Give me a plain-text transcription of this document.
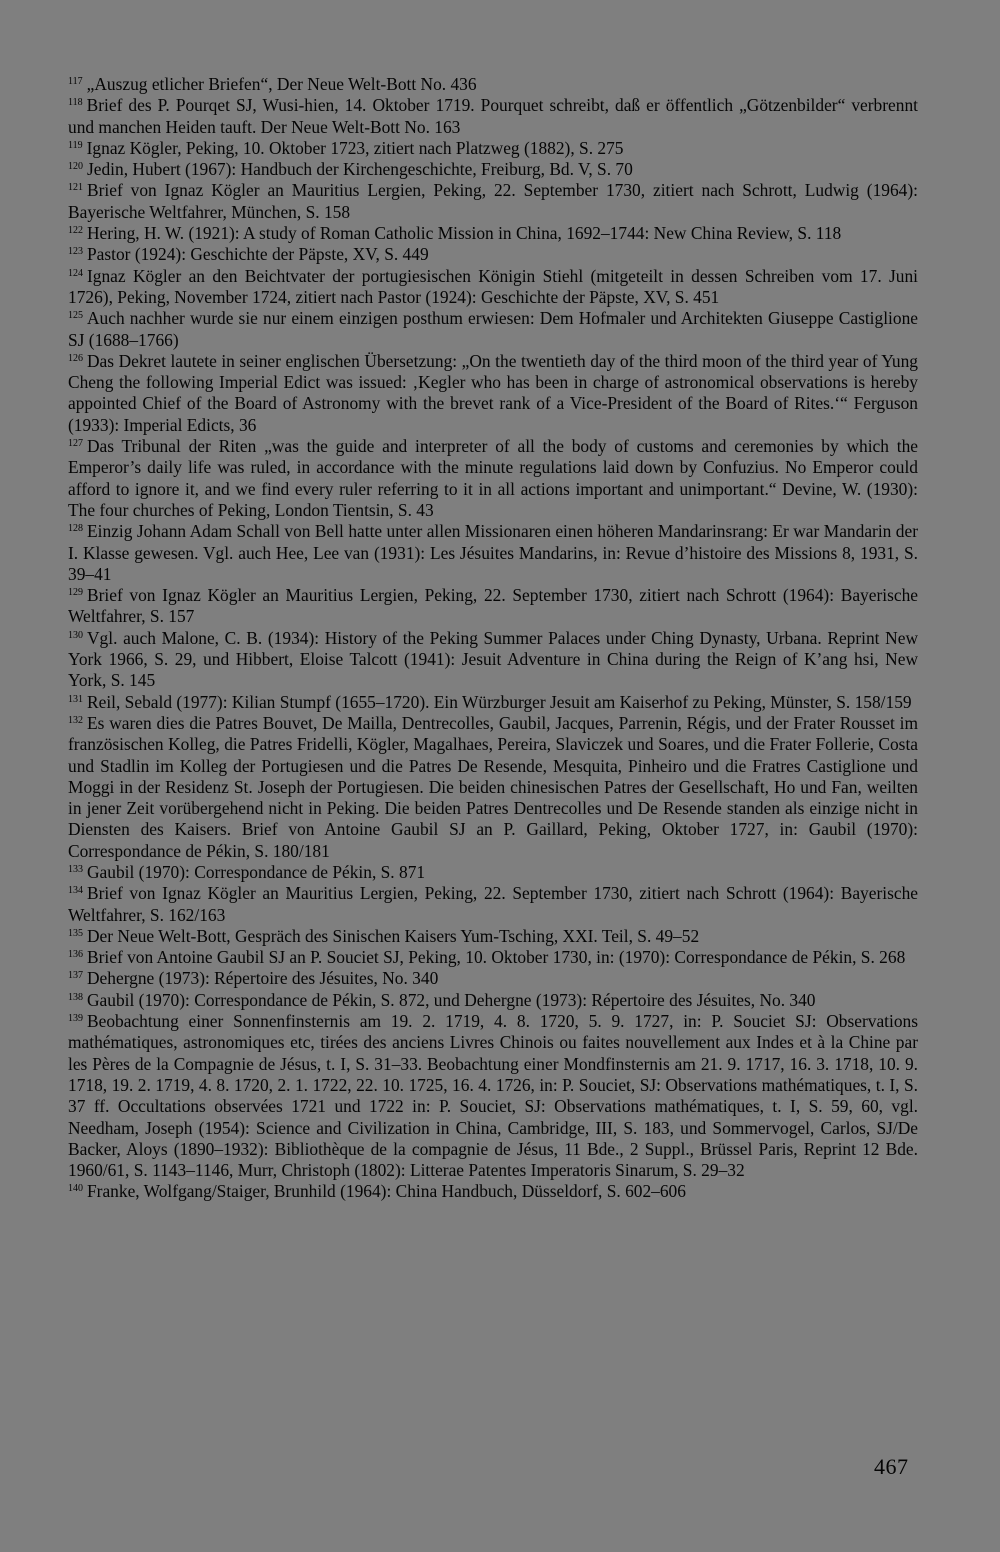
$^{117}$ „Auszug etlicher Briefen“, Der Neue Welt-Bott No. 436

$^{118}$ Brief des P. Pourqet SJ, Wusi-hien, 14. Oktober 1719. Pourquet schreibt, daß er öffentlich „Götzenbilder“ verbrennt und manchen Heiden tauft. Der Neue Welt-Bott No. 163

$^{119}$ Ignaz Kögler, Peking, 10. Oktober 1723, zitiert nach Platzweg (1882), S. 275

$^{120}$ Jedin, Hubert (1967): Handbuch der Kirchengeschichte, Freiburg, Bd. V, S. 70

$^{121}$ Brief von Ignaz Kögler an Mauritius Lergien, Peking, 22. September 1730, zitiert nach Schrott, Ludwig (1964): Bayerische Weltfahrer, München, S. 158

$^{122}$ Hering, H. W. (1921): A study of Roman Catholic Mission in China, 1692–1744: New China Review, S. 118

$^{123}$ Pastor (1924): Geschichte der Päpste, XV, S. 449

$^{124}$ Ignaz Kögler an den Beichtvater der portugiesischen Königin Stiehl (mitgeteilt in dessen Schreiben vom 17. Juni 1726), Peking, November 1724, zitiert nach Pastor (1924): Geschichte der Päpste, XV, S. 451

$^{125}$ Auch nachher wurde sie nur einem einzigen posthum erwiesen: Dem Hofmaler und Architekten Giuseppe Castiglione SJ (1688–1766)

$^{126}$ Das Dekret lautete in seiner englischen Übersetzung: „On the twentieth day of the third moon of the third year of Yung Cheng the following Imperial Edict was issued: ‚Kegler who has been in charge of astronomical observations is hereby appointed Chief of the Board of Astronomy with the brevet rank of a Vice-President of the Board of Rites.‘“ Ferguson (1933): Imperial Edicts, 36

$^{127}$ Das Tribunal der Riten „was the guide and interpreter of all the body of customs and ceremonies by which the Emperor’s daily life was ruled, in accordance with the minute regulations laid down by Confuzius. No Emperor could afford to ignore it, and we find every ruler referring to it in all actions important and unimportant.“ Devine, W. (1930): The four churches of Peking, London Tientsin, S. 43

$^{128}$ Einzig Johann Adam Schall von Bell hatte unter allen Missionaren einen höheren Mandarinsrang: Er war Mandarin der I. Klasse gewesen. Vgl. auch Hee, Lee van (1931): Les Jésuites Mandarins, in: Revue d’histoire des Missions 8, 1931, S. 39–41

$^{129}$ Brief von Ignaz Kögler an Mauritius Lergien, Peking, 22. September 1730, zitiert nach Schrott (1964): Bayerische Weltfahrer, S. 157

$^{130}$ Vgl. auch Malone, C. B. (1934): History of the Peking Summer Palaces under Ching Dynasty, Urbana. Reprint New York 1966, S. 29, und Hibbert, Eloise Talcott (1941): Jesuit Adventure in China during the Reign of K’ang hsi, New York, S. 145

$^{131}$ Reil, Sebald (1977): Kilian Stumpf (1655–1720). Ein Würzburger Jesuit am Kaiserhof zu Peking, Münster, S. 158/159

$^{132}$ Es waren dies die Patres Bouvet, De Mailla, Dentrecolles, Gaubil, Jacques, Parrenin, Régis, und der Frater Rousset im französischen Kolleg, die Patres Fridelli, Kögler, Magalhaes, Pereira, Slaviczek und Soares, und die Frater Follerie, Costa und Stadlin im Kolleg der Portugiesen und die Patres De Resende, Mesquita, Pinheiro und die Fratres Castiglione und Moggi in der Residenz St. Joseph der Portugiesen. Die beiden chinesischen Patres der Gesellschaft, Ho und Fan, weilten in jener Zeit vorübergehend nicht in Peking. Die beiden Patres Dentrecolles und De Resende standen als einzige nicht in Diensten des Kaisers. Brief von Antoine Gaubil SJ an P. Gaillard, Peking, Oktober 1727, in: Gaubil (1970): Correspondance de Pékin, S. 180/181

$^{133}$ Gaubil (1970): Correspondance de Pékin, S. 871

$^{134}$ Brief von Ignaz Kögler an Mauritius Lergien, Peking, 22. September 1730, zitiert nach Schrott (1964): Bayerische Weltfahrer, S. 162/163

$^{135}$ Der Neue Welt-Bott, Gespräch des Sinischen Kaisers Yum-Tsching, XXI. Teil, S. 49–52

$^{136}$ Brief von Antoine Gaubil SJ an P. Souciet SJ, Peking, 10. Oktober 1730, in: (1970): Correspondance de Pékin, S. 268

$^{137}$ Dehergne (1973): Répertoire des Jésuites, No. 340

$^{138}$ Gaubil (1970): Correspondance de Pékin, S. 872, und Dehergne (1973): Répertoire des Jésuites, No. 340

$^{139}$ Beobachtung einer Sonnenfinsternis am 19. 2. 1719, 4. 8. 1720, 5. 9. 1727, in: P. Souciet SJ: Observations mathématiques, astronomiques etc, tirées des anciens Livres Chinois ou faites nouvellement aux Indes et à la Chine par les Pères de la Compagnie de Jésus, t. I, S. 31–33. Beobachtung einer Mondfinsternis am 21. 9. 1717, 16. 3. 1718, 10. 9. 1718, 19. 2. 1719, 4. 8. 1720, 2. 1. 1722, 22. 10. 1725, 16. 4. 1726, in: P. Souciet, SJ: Observations mathématiques, t. I, S. 37 ff. Occultations observées 1721 und 1722 in: P. Souciet, SJ: Observations mathématiques, t. I, S. 59, 60, vgl. Needham, Joseph (1954): Science and Civilization in China, Cambridge, III, S. 183, und Sommervogel, Carlos, SJ/De Backer, Aloys (1890–1932): Bibliothèque de la compagnie de Jésus, 11 Bde., 2 Suppl., Brüssel Paris, Reprint 12 Bde. 1960/61, S. 1143–1146, Murr, Christoph (1802): Litterae Patentes Imperatoris Sinarum, S. 29–32

$^{140}$ Franke, Wolfgang/Staiger, Brunhild (1964): China Handbuch, Düsseldorf, S. 602–606

467
